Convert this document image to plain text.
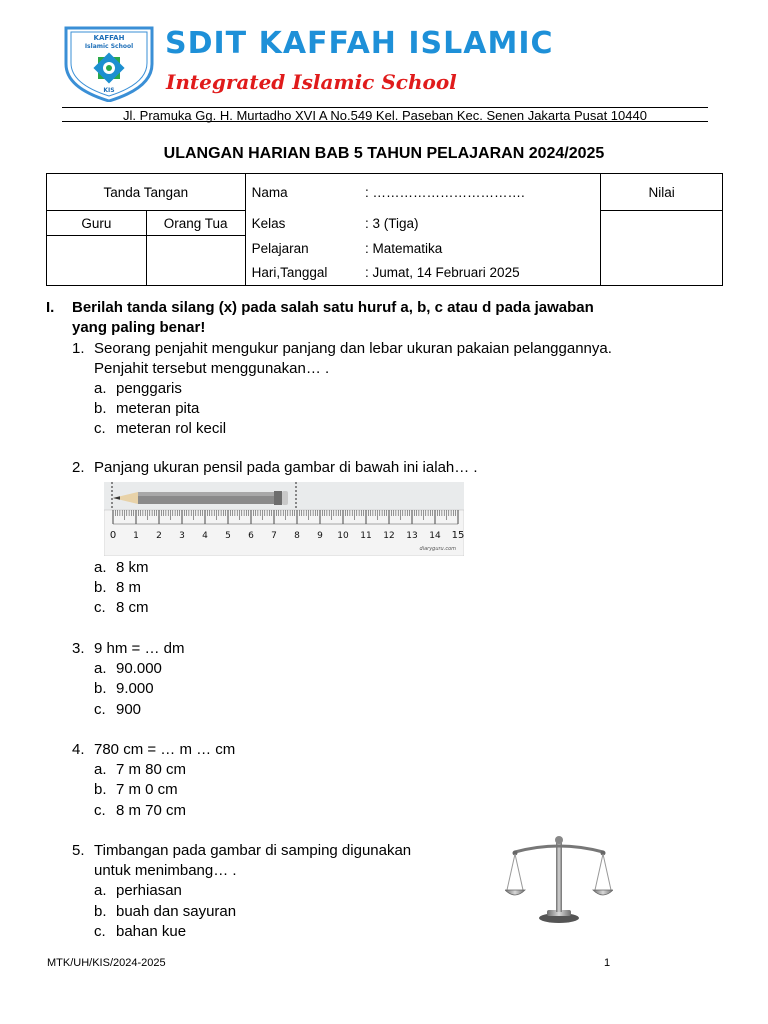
KAFFAH
Islamic School
KIS
SDIT KAFFAH ISLAMIC
Integrated Islamic School
Jl. Pramuka Gg. H. Murtadho XVI A No.549 Kel. Paseban Kec. Senen Jakarta Pusat 10440
ULANGAN HARIAN BAB 5 TAHUN PELAJARAN 2024/2025
Tanda Tangan		Nama	: …………………………….	Nilai
Guru	Orang Tua	Kelas	: 3 (Tiga)	
		Pelajaran	: Matematika	
		Hari,Tanggal	: Jumat, 14 Februari 2025	
I. Berilah tanda silang (x) pada salah satu huruf a, b, c atau d pada jawaban
yang paling benar!
1. Seorang penjahit mengukur panjang dan lebar ukuran pakaian pelanggannya.
Penjahit tersebut menggunakan… .
a. penggaris
b. meteran pita
c. meteran rol kecil
2. Panjang ukuran pensil pada gambar di bawah ini ialah… .
0 1 2 3 4 5 6 7 8 9 10 11 12 13 14 15
diaryguru.com
a. 8 km
b. 8 m
c. 8 cm
3. 9 hm = … dm
a. 90.000
b. 9.000
c. 900
4. 780 cm = … m … cm
a. 7 m 80 cm
b. 7 m 0 cm
c. 8 m 70 cm
5. Timbangan pada gambar di samping digunakan
untuk menimbang… .
a. perhiasan
b. buah dan sayuran
c. bahan kue
MTK/UH/KIS/2024-2025	1
